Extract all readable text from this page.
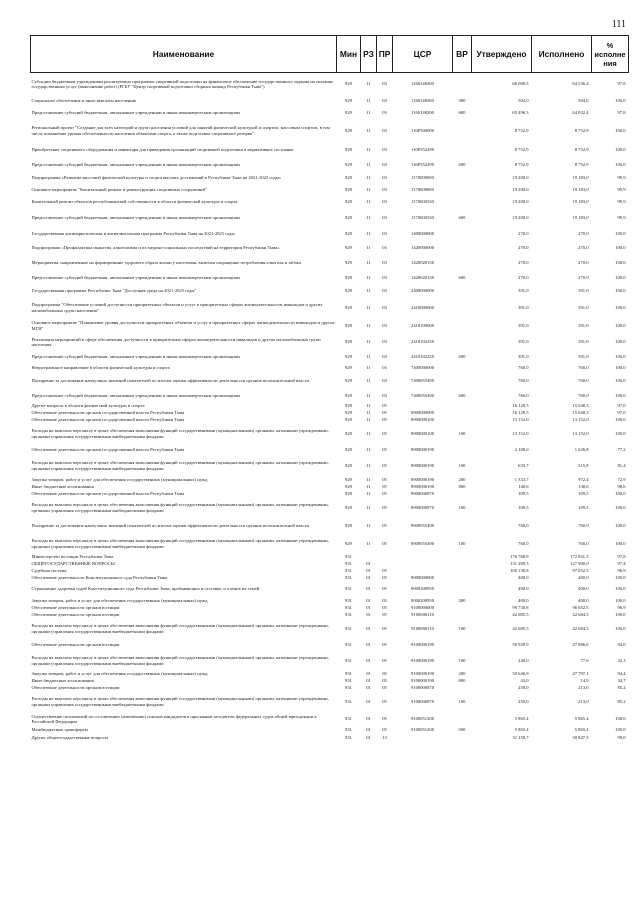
111
Наименование	Мин	РЗ	ПР	ЦСР	ВР	Утверждено	Исполнено	% исполне ния
Субсидии бюджетным учреждениям реализующих программы спортивной подготовки на финансовое обеспечение государственного задания на оказание государственных услуг (выполнение работ) (РГБУ "Центр спортивной подготовки сборных команд Республики Тыва")	929	11	03	1160148200		66 000,3	64 536,4	97,8
Социальное обеспечение и иные выплаты населению	929	11	03	1160148200	300	504,0	504,0	100,0
Предоставление субсидий бюджетным, автономным учреждениям и иным некоммерческим организациям	929	11	03	1160148200	600	65 496,3	64 032,4	97,8
Региональный проект "Создание для всех категорий и групп населения условий для занятий физической культурой и спортом, массовым спортом, в том числе повышение уровня обеспеченности населения объектами спорта, а также подготовка спортивного резерва"	929	11	03	116P500000		8 752,9	8 752,9	100,0
Приобретение спортивного оборудования и инвентаря для приведения организаций спортивной подготовки в нормативное состояние	929	11	03	116P552290		8 752,9	8 752,9	100,0
Предоставление субсидий бюджетным, автономным учреждениям и иным некоммерческим организациям	929	11	03	116P552290	600	8 752,9	8 752,9	100,0
Подпрограмма «Развитие массовой физической культуры и спорта высших достижений в Республике Тыва на 2021-2025 годы»	929	11	03	1170000000		19 200,0	19 183,0	99,9
Основное мероприятие "Капитальный ремонт и реконструкция спортивных сооружений"	929	11	03	1170600000		19 200,0	19 183,0	99,9
Капитальный ремонт объектов республиканской собственности в области физической культуры и спорта	929	11	03	1170600330		19 200,0	19 183,0	99,9
Предоставление субсидий бюджетным, автономным учреждениям и иным некоммерческим организациям	929	11	03	1170600330	600	19 200,0	19 183,0	99,9
Государственная антинаркотическая и антиалкогольная программа Республики Тыва на 2021-2025 годы	929	11	03	1400000000		270,0	270,0	100,0
Подпрограмма «Профилактика пьянства, алкоголизма и их медико-социальных последствий на территории Республики Тыва»	929	11	03	1420000000		270,0	270,0	100,0
Мероприятия, направленные на формирование здорового образа жизни у населения, включая сокращение потребления алкоголя и табака	929	11	03	1420020150		270,0	270,0	100,0
Предоставление субсидий бюджетным, автономным учреждениям и иным некоммерческим организациям	929	11	03	1420020150	600	270,0	270,0	100,0
Государственная программа Республики Тыва "Доступная среда на 2021-2025 годы"	929	11	03	2400000000		391,0	391,0	100,0
Подпрограмма "Обеспечение условий доступности приоритетных объектов и услуг в приоритетных сферах жизнедеятельности инвалидов и других маломобильных групп населения"	929	11	03	2410000000		391,0	391,0	100,0
Основное мероприятие "Повышение уровня доступности приоритетных объектов и услуг в приоритетных сферах жизнедеятельности инвалидов и других МГН"	929	11	03	2410100000		391,0	391,0	100,0
Реализация мероприятий в сфере обеспечения доступности в приоритетных сферах жизнедеятельности инвалидов и других маломобильных групп населения	929	11	03	2410102250		391,0	391,0	100,0
Предоставление субсидий бюджетным, автономным учреждениям и иным некоммерческим организациям	929	11	03	2410102250	600	391,0	391,0	100,0
Непрограммное направление в области физической культуры и спорта	929	11	03	7400000000		760,0	760,0	100,0
Поощрение за достижение наилучших значений показателей по итогам оценки эффективности деятельности органов исполнительной власти	929	11	03	7400055490		760,0	760,0	100,0
Предоставление субсидий бюджетным, автономным учреждениям и иным некоммерческим организациям	929	11	03	7400055490	600	760,0	760,0	100,0
Другие вопросы в области физической культуры и спорта	929	11	05			16 129,5	15 648,3	97,0
Обеспечение деятельности органов государственной власти Республики Тыва	929	11	05	8900000000		16 129,5	15 648,3	97,0
Обеспечение деятельности органов государственной власти Республики Тыва	929	11	05	8900000100		13 152,0	13 152,0	100,0
Расходы на выплаты персоналу в целях обеспечения выполнения функций государственными (муниципальными) органами, казенными учреждениями, органами управления государственными внебюджетными фондами	929	11	05	8900000100	100	13 152,0	13 152,0	100,0
Обеспечение деятельности органов государственной власти Республики Тыва	929	11	05	8900000190		2 108,0	1 626,8	77,2
Расходы на выплаты персоналу в целях обеспечения выполнения функций государственными (муниципальными) органами, казенными учреждениями, органами управления государственными внебюджетными фондами	929	11	05	8900000190	100	633,7	515,8	81,4
Закупка товаров, работ и услуг для обеспечения государственных (муниципальных) нужд	929	11	05	8900000190	200	1 333,7	972,4	72,9
Иные бюджетные ассигнования	929	11	05	8900000190	800	140,6	138,6	98,6
Обеспечение деятельности органов государственной власти Республики Тыва	929	11	05	8900000870		109,5	109,5	100,0
Расходы на выплаты персоналу в целях обеспечения выполнения функций государственными (муниципальными) органами, казенными учреждениями, органами управления государственными внебюджетными фондами	929	11	05	8900000870	100	109,5	109,5	100,0
Поощрение за достижение наилучших значений показателей по итогам оценки эффективности деятельности органов исполнительной власти	929	11	05	8900055490		760,0	760,0	100,0
Расходы на выплаты персоналу в целях обеспечения выполнения функций государственными (муниципальными) органами, казенными учреждениями, органами управления государственными внебюджетными фондами	929	11	05	8900055490	100	760,0	760,0	100,0
Министерство юстиции Республики Тыва	931					176 768,9	172 841,3	97,8
ОБЩЕГОСУДАРСТВЕННЫЕ ВОПРОСЫ	931	01				131 289,5	127 900,0	97,4
Судебная система	931	01	05			100 130,8	97 052,5	96,9
Обеспечение деятельности Конституционного суда Республики Тыва	931	01	05	9000000000		400,0	400,0	100,0
Страхование здоровья судей Конституционного суда Республики Тыва, пребывающих в отставке, и членов их семей	931	01	05	9000200950		400,0	400,0	100,0
Закупка товаров, работ и услуг для обеспечения государственных (муниципальных) нужд	931	01	05	9000200950	200	400,0	400,0	100,0
Обеспечение деятельности органов юстиции	931	01	05	9100000000		99 730,8	96 652,5	96,9
Обеспечение деятельности органов юстиции	931	01	05	9100000110		42 685,5	42 684,5	100,0
Расходы на выплаты персоналу в целях обеспечения выполнения функций государственными (муниципальными) органами, казенными учреждениями, органами управления государственными внебюджетными фондами	931	01	05	9100000110	100	42 685,5	42 684,5	100,0
Обеспечение деятельности органов юстиции	931	01	05	9100000190		50 929,9	47 886,6	94,0
Расходы на выплаты персоналу в целях обеспечения выполнения функций государственными (муниципальными) органами, казенными учреждениями, органами управления государственными внебюджетными фондами	931	01	05	9100000190	100	240,0	77,6	32,3
Закупка товаров, работ и услуг для обеспечения государственных (муниципальных) нужд	931	01	05	9100000190	200	50 646,9	47 797,1	94,4
Иные бюджетные ассигнования	931	01	05	9100000190	800	43,0	14,9	34,7
Обеспечение деятельности органов юстиции	931	01	05	9100000870		250,0	213,0	85,2
Расходы на выплаты персоналу в целях обеспечения выполнения функций государственными (муниципальными) органами, казенными учреждениями, органами управления государственными внебюджетными фондами	931	01	05	9100000870	100	250,0	213,0	85,2
Осуществление полномочий по составлению (изменению) списков кандидатов в присяжные заседатели федеральных судов общей юрисдикции в Российской Федерации	931	01	05	9100051200		5 865,4	5 865,4	100,0
Межбюджетные трансферты	931	01	05	9100051200	500	5 865,4	5 865,4	100,0
Другие общегосударственные вопросы	931	01	13			31 158,7	30 847,5	99,0
